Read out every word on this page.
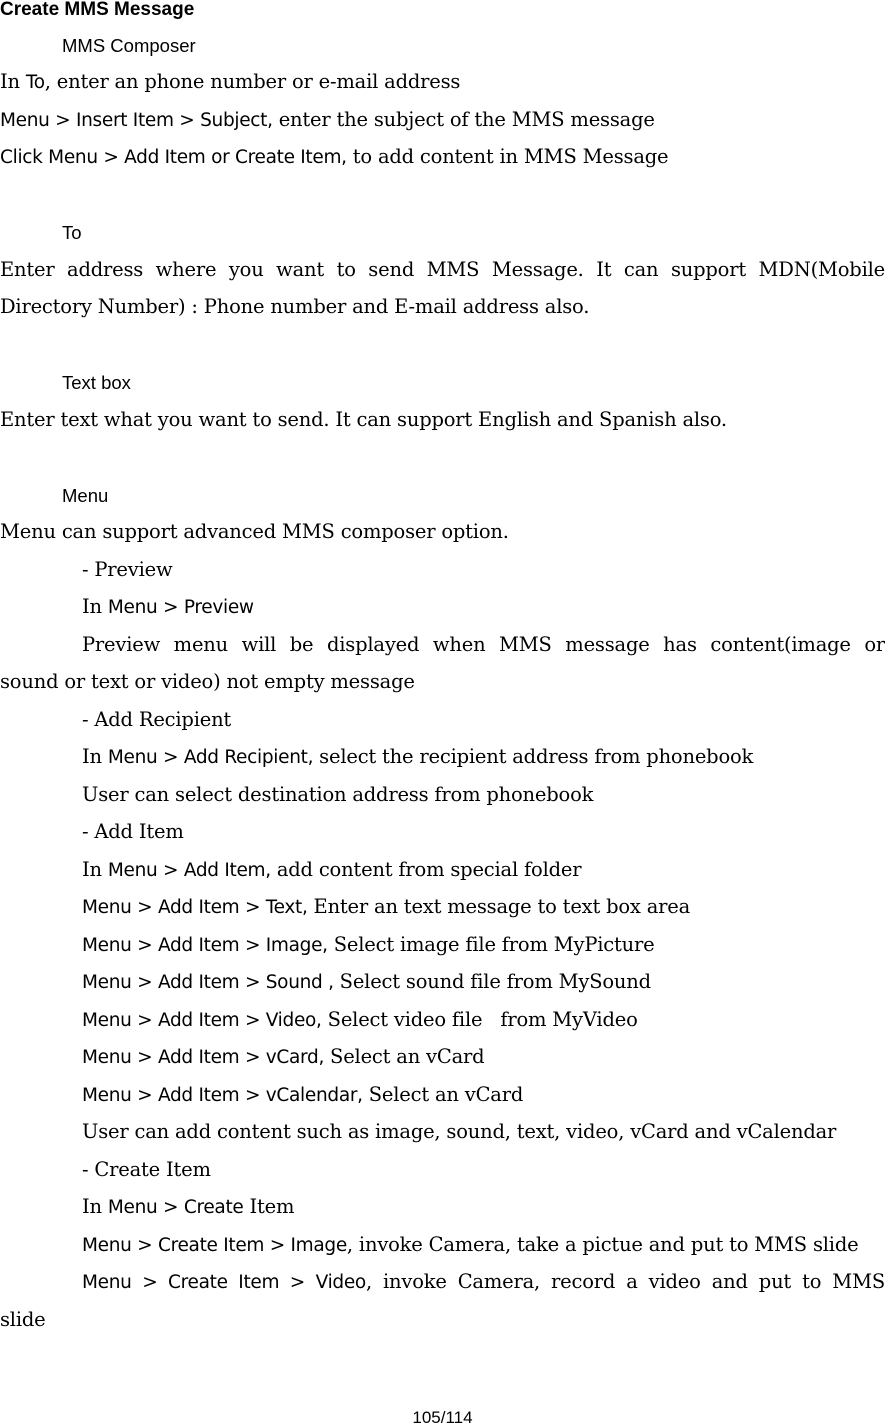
Create MMS Message
MMS Composer
In To, enter an phone number or e-mail address
Menu > Insert Item > Subject, enter the subject of the MMS message
Click Menu > Add Item or Create Item, to add content in MMS Message
To
Enter address where you want to send MMS Message. It can support MDN(Mobile
Directory Number) : Phone number and E-mail address also.
Text box
Enter text what you want to send. It can support English and Spanish also.
Menu
Menu can support advanced MMS composer option.
- Preview
In Menu > Preview
Preview menu will be displayed when MMS message has content(image or
sound or text or video) not empty message
- Add Recipient
In Menu > Add Recipient, select the recipient address from phonebook
User can select destination address from phonebook
- Add Item
In Menu > Add Item, add content from special folder
Menu > Add Item > Text, Enter an text message to text box area
Menu > Add Item > Image, Select image file from MyPicture
Menu > Add Item > Sound , Select sound file from MySound
Menu > Add Item > Video, Select video file   from MyVideo
Menu > Add Item > vCard, Select an vCard
Menu > Add Item > vCalendar, Select an vCard
User can add content such as image, sound, text, video, vCard and vCalendar
- Create Item
In Menu > Create Item
Menu > Create Item > Image, invoke Camera, take a pictue and put to MMS slide
Menu > Create Item > Video, invoke Camera, record a video and put to MMS
slide
105/114
